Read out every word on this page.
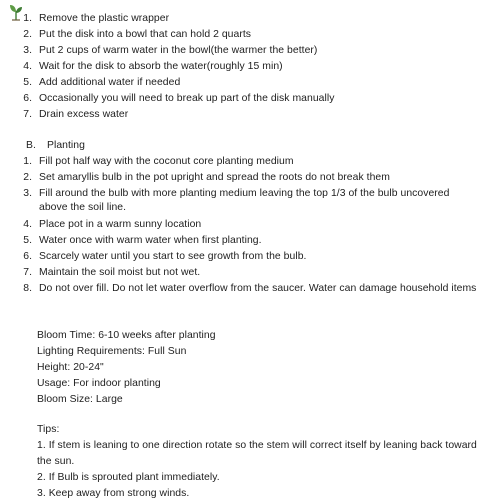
1. Remove the plastic wrapper
2. Put the disk into a bowl that can hold 2 quarts
3. Put 2 cups of warm water in the bowl(the warmer the better)
4. Wait for the disk to absorb the water(roughly 15 min)
5. Add additional water if needed
6. Occasionally you will need to break up part of the disk manually
7. Drain excess water
B. Planting
1. Fill pot half way with the coconut core planting medium
2. Set amaryllis bulb in the pot upright and spread the roots do not break them
3. Fill around the bulb with more planting medium leaving the top 1/3 of the bulb uncovered
above the soil line.
4. Place pot in a warm sunny location
5. Water once with warm water when first planting.
6. Scarcely water until you start to see growth from the bulb.
7. Maintain the soil moist but not wet.
8. Do not over fill. Do not let water overflow from the saucer. Water can damage household items
Bloom Time: 6-10 weeks after planting
Lighting Requirements: Full Sun
Height: 20-24"
Usage: For indoor planting
Bloom Size: Large
Tips:
1. If stem is leaning to one direction rotate so the stem will correct itself by leaning back toward
the sun.
2. If Bulb is sprouted plant immediately.
3. Keep away from strong winds.
